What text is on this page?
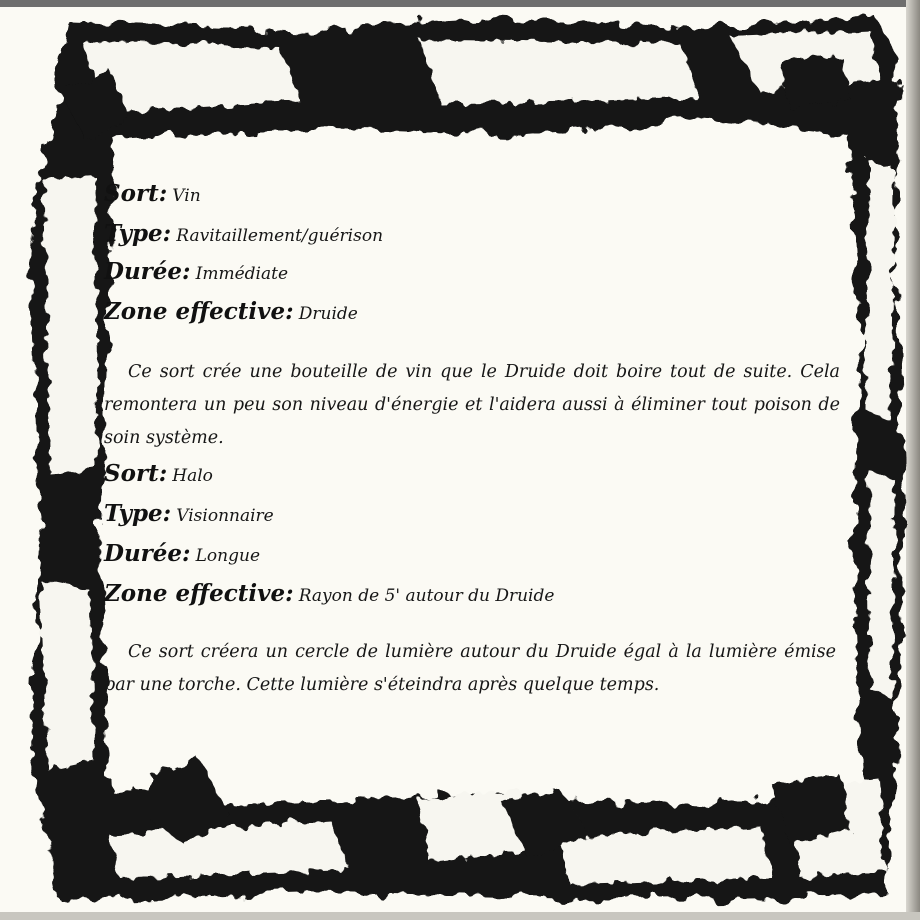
Sort: Vin
Type: Ravitaillement/guérison
Durée: Immédiate
Zone effective: Druide

Ce sort crée une bouteille de vin que le Druide doit boire tout de suite. Cela remontera un peu son niveau d'énergie et l'aidera aussi à éliminer tout poison de soin système.

Sort: Halo
Type: Visionnaire
Durée: Longue
Zone effective: Rayon de 5' autour du Druide

Ce sort créera un cercle de lumière autour du Druide égal à la lumière émise par une torche. Cette lumière s'éteindra après quelque temps.
